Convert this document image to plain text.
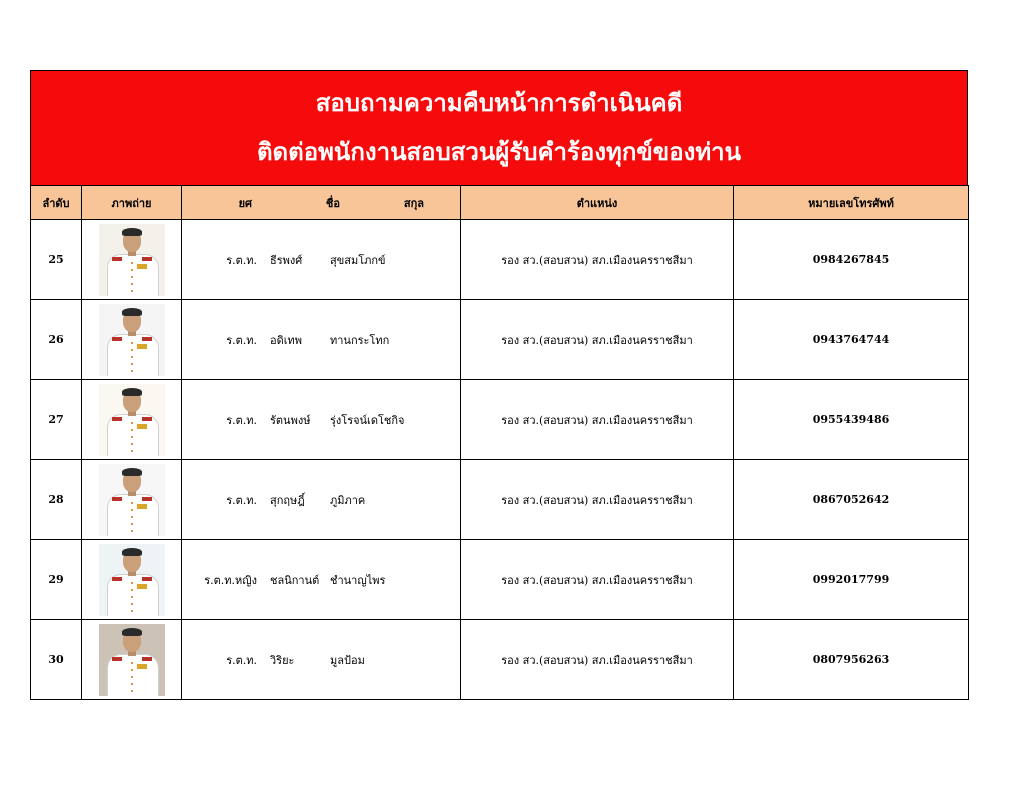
สอบถามความคืบหน้าการดำเนินคดี
ติดต่อพนักงานสอบสวนผู้รับคำร้องทุกข์ของท่าน
ลำดับ	ภาพถ่าย	ยศ ชื่อ สกุล	ตำแหน่ง	หมายเลขโทรศัพท์
25		ร.ต.ท. ธีรพงศ์ สุขสมโภกข์	รอง สว.(สอบสวน) สภ.เมืองนครราชสีมา	0984267845
26		ร.ต.ท. อดิเทพ ทานกระโทก	รอง สว.(สอบสวน) สภ.เมืองนครราชสีมา	0943764744
27		ร.ต.ท. รัตนพงษ์ รุ่งโรจน์เดโชกิจ	รอง สว.(สอบสวน) สภ.เมืองนครราชสีมา	0955439486
28		ร.ต.ท. สุกฤษฎิ์ ภูมิภาค	รอง สว.(สอบสวน) สภ.เมืองนครราชสีมา	0867052642
29		ร.ต.ท.หญิง ชลนิกานต์ ชำนาญไพร	รอง สว.(สอบสวน) สภ.เมืองนครราชสีมา	0992017799
30		ร.ต.ท. วิริยะ มูลป้อม	รอง สว.(สอบสวน) สภ.เมืองนครราชสีมา	0807956263
